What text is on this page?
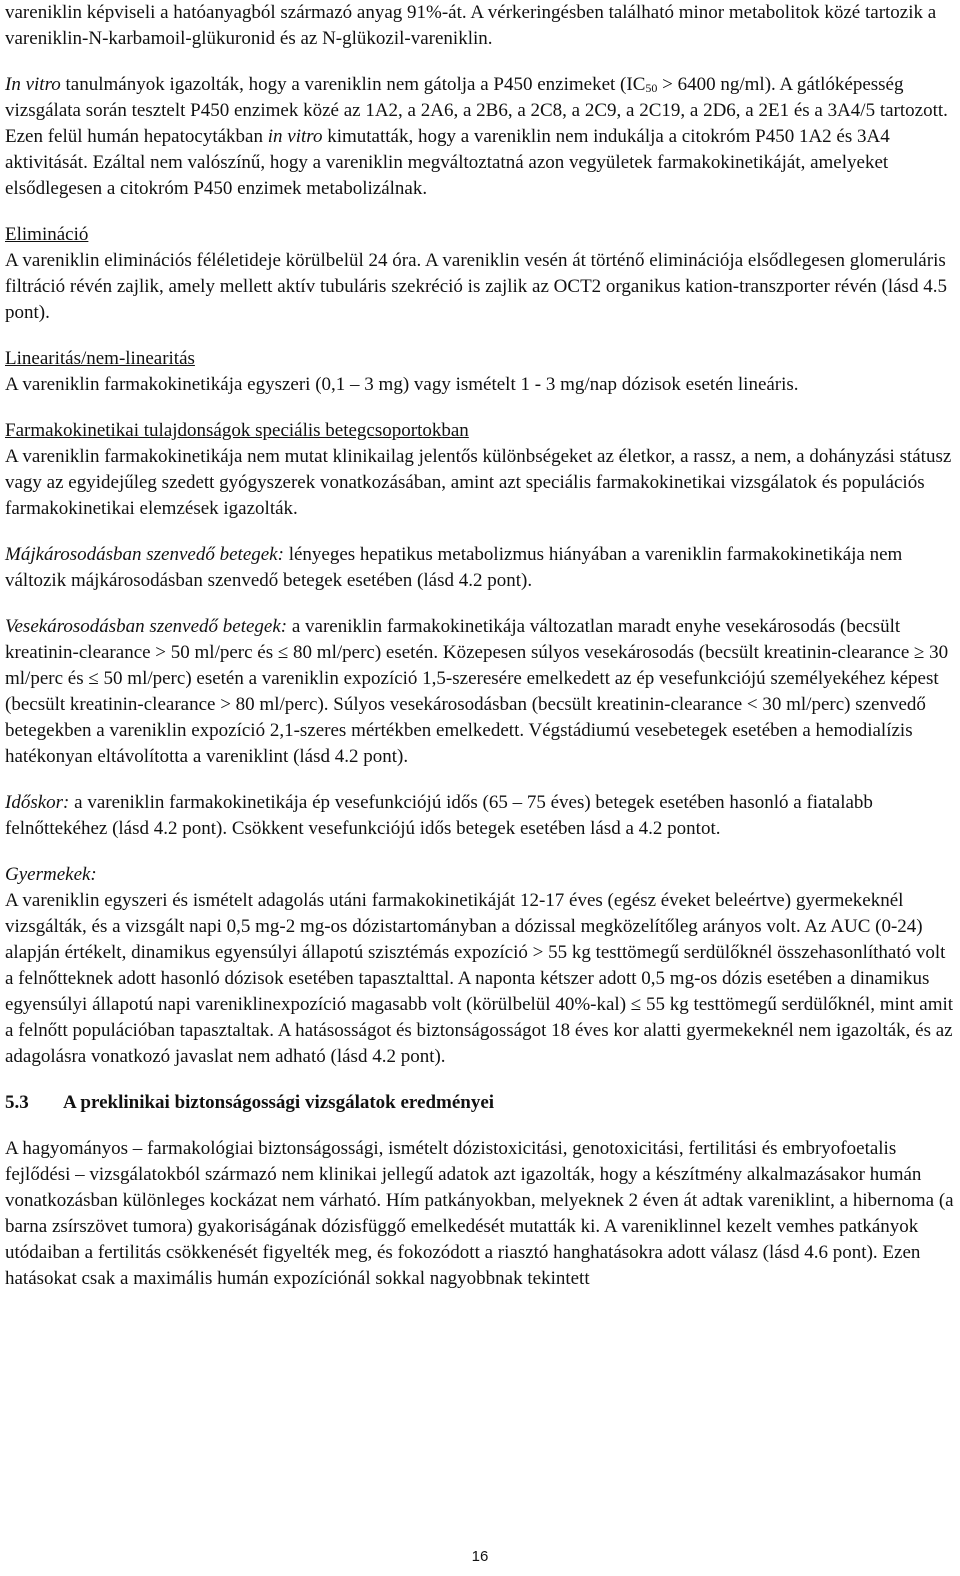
vareniklin képviseli a hatóanyagból származó anyag 91%-át. A vérkeringésben található minor metabolitok közé tartozik a vareniklin-N-karbamoil-glükuronid és az N-glükozil-vareniklin.

In vitro tanulmányok igazolták, hogy a vareniklin nem gátolja a P450 enzimeket ($IC_{50} > 6400$ ng/ml). A gátlóképesség vizsgálata során tesztelt P450 enzimek közé az 1A2, a 2A6, a 2B6, a 2C8, a 2C9, a 2C19, a 2D6, a 2E1 és a 3A4/5 tartozott. Ezen felül humán hepatocytákban in vitro kimutatták, hogy a vareniklin nem indukálja a citokróm P450 1A2 és 3A4 aktivitását. Ezáltal nem valószínű, hogy a vareniklin megváltoztatná azon vegyületek farmakokinetikáját, amelyeket elsődlegesen a citokróm P450 enzimek metabolizálnak.

Elimináció

A vareniklin eliminációs féléletideje körülbelül 24 óra. A vareniklin vesén át történő eliminációja elsődlegesen glomeruláris filtráció révén zajlik, amely mellett aktív tubuláris szekréció is zajlik az OCT2 organikus kation-transzporter révén (lásd 4.5 pont).

Linearitás/nem-linearitás

A vareniklin farmakokinetikája egyszeri (0,1 – 3 mg) vagy ismételt 1 - 3 mg/nap dózisok esetén lineáris.

Farmakokinetikai tulajdonságok speciális betegcsoportokban

A vareniklin farmakokinetikája nem mutat klinikailag jelentős különbségeket az életkor, a rassz, a nem, a dohányzási státusz vagy az egyidejűleg szedett gyógyszerek vonatkozásában, amint azt speciális farmakokinetikai vizsgálatok és populációs farmakokinetikai elemzések igazolták.

Májkárosodásban szenvedő betegek: lényeges hepatikus metabolizmus hiányában a vareniklin farmakokinetikája nem változik májkárosodásban szenvedő betegek esetében (lásd 4.2 pont).

Vesekárosodásban szenvedő betegek: a vareniklin farmakokinetikája változatlan maradt enyhe vesekárosodás (becsült kreatinin-clearance > 50 ml/perc és ≤ 80 ml/perc) esetén. Közepesen súlyos vesekárosodás (becsült kreatinin-clearance ≥ 30 ml/perc és ≤ 50 ml/perc) esetén a vareniklin expozíció 1,5-szeresére emelkedett az ép vesefunkciójú személyekéhez képest (becsült kreatinin-clearance > 80 ml/perc). Súlyos vesekárosodásban (becsült kreatinin-clearance < 30 ml/perc) szenvedő betegekben a vareniklin expozíció 2,1-szeres mértékben emelkedett. Végstádiumú vesebetegek esetében a hemodialízis hatékonyan eltávolította a vareniklint (lásd 4.2 pont).

Időskor: a vareniklin farmakokinetikája ép vesefunkciójú idős (65 – 75 éves) betegek esetében hasonló a fiatalabb felnőttekéhez (lásd 4.2 pont). Csökkent vesefunkciójú idős betegek esetében lásd a 4.2 pontot.

Gyermekek:

A vareniklin egyszeri és ismételt adagolás utáni farmakokinetikáját 12-17 éves (egész éveket beleértve) gyermekeknél vizsgálták, és a vizsgált napi 0,5 mg-2 mg-os dózistartományban a dózissal megközelítőleg arányos volt. Az AUC (0-24) alapján értékelt, dinamikus egyensúlyi állapotú szisztémás expozíció > 55 kg testtömegű serdülőknél összehasonlítható volt a felnőtteknek adott hasonló dózisok esetében tapasztalttal. A naponta kétszer adott 0,5 mg-os dózis esetében a dinamikus egyensúlyi állapotú napi vareniklinexpozíció magasabb volt (körülbelül 40%-kal) ≤ 55 kg testtömegű serdülőknél, mint amit a felnőtt populációban tapasztaltak. A hatásosságot és biztonságosságot 18 éves kor alatti gyermekeknél nem igazolták, és az adagolásra vonatkozó javaslat nem adható (lásd 4.2 pont).

5.3 A preklinikai biztonságossági vizsgálatok eredményei

A hagyományos – farmakológiai biztonságossági, ismételt dózistoxicitási, genotoxicitási, fertilitási és embryofoetalis fejlődési – vizsgálatokból származó nem klinikai jellegű adatok azt igazolták, hogy a készítmény alkalmazásakor humán vonatkozásban különleges kockázat nem várható. Hím patkányokban, melyeknek 2 éven át adtak vareniklint, a hibernoma (a barna zsírszövet tumora) gyakoriságának dózisfüggő emelkedését mutatták ki. A vareniklinnel kezelt vemhes patkányok utódaiban a fertilitás csökkenését figyelték meg, és fokozódott a riasztó hanghatásokra adott válasz (lásd 4.6 pont). Ezen hatásokat csak a maximális humán expozíciónál sokkal nagyobbnak tekintett

16
